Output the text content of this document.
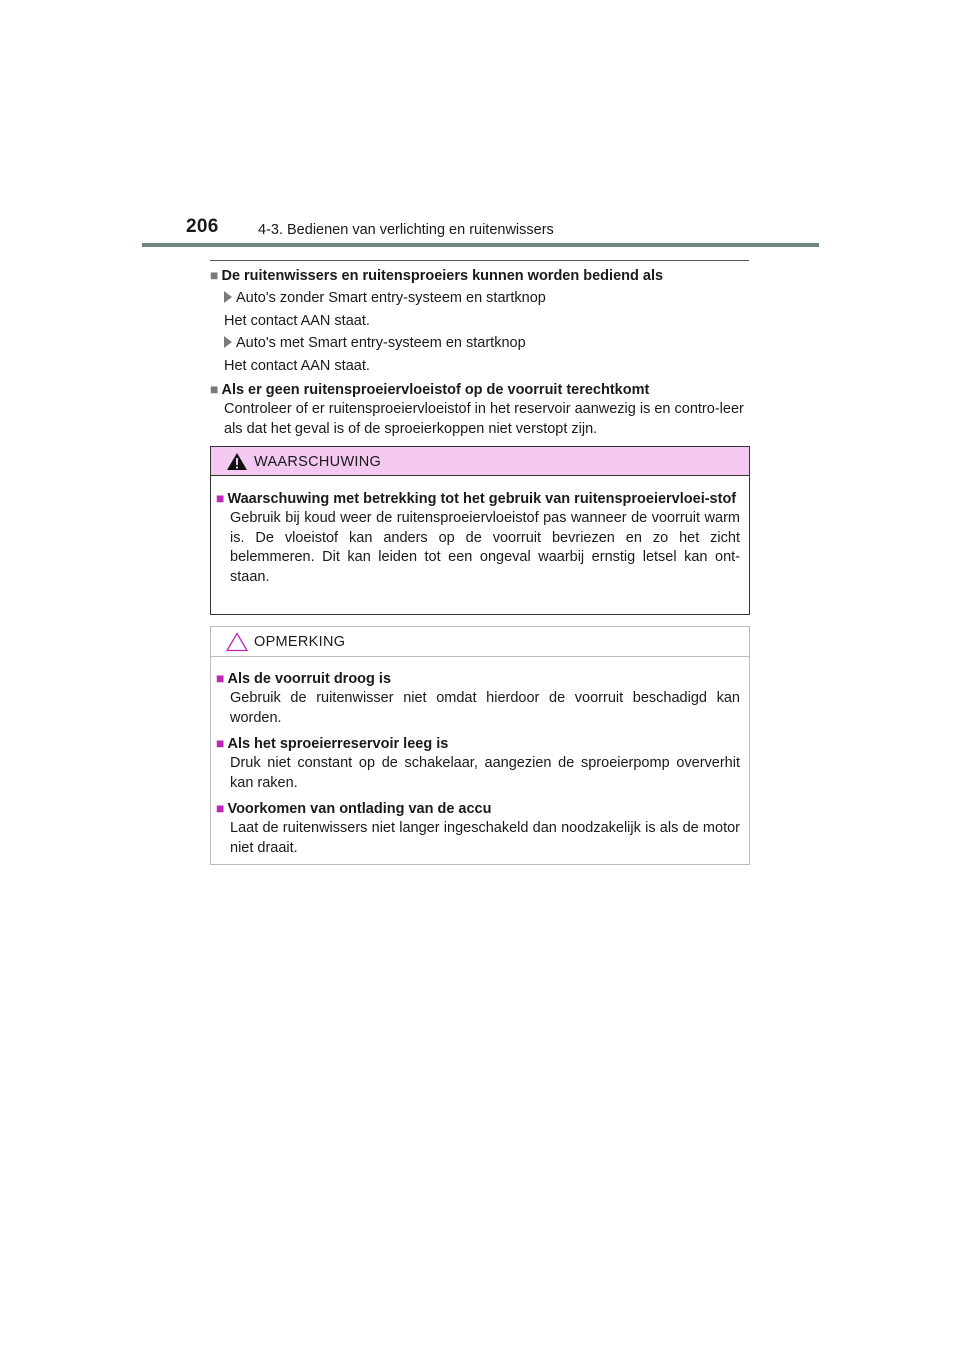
206	4-3. Bedienen van verlichting en ruitenwissers
■ De ruitenwissers en ruitensproeiers kunnen worden bediend als
Auto's zonder Smart entry-systeem en startknop
Het contact AAN staat.
Auto's met Smart entry-systeem en startknop
Het contact AAN staat.
■ Als er geen ruitensproeiervloeistof op de voorruit terechtkomt
Controleer of er ruitensproeiervloeistof in het reservoir aanwezig is en contro-leer als dat het geval is of de sproeierkoppen niet verstopt zijn.
WAARSCHUWING
■ Waarschuwing met betrekking tot het gebruik van ruitensproeiervloei-stof
Gebruik bij koud weer de ruitensproeiervloeistof pas wanneer de voorruit warm is. De vloeistof kan anders op de voorruit bevriezen en zo het zicht belemmeren. Dit kan leiden tot een ongeval waarbij ernstig letsel kan ont-staan.
OPMERKING
■ Als de voorruit droog is
Gebruik de ruitenwisser niet omdat hierdoor de voorruit beschadigd kan worden.
■ Als het sproeierreservoir leeg is
Druk niet constant op de schakelaar, aangezien de sproeierpomp oververhit kan raken.
■ Voorkomen van ontlading van de accu
Laat de ruitenwissers niet langer ingeschakeld dan noodzakelijk is als de motor niet draait.
